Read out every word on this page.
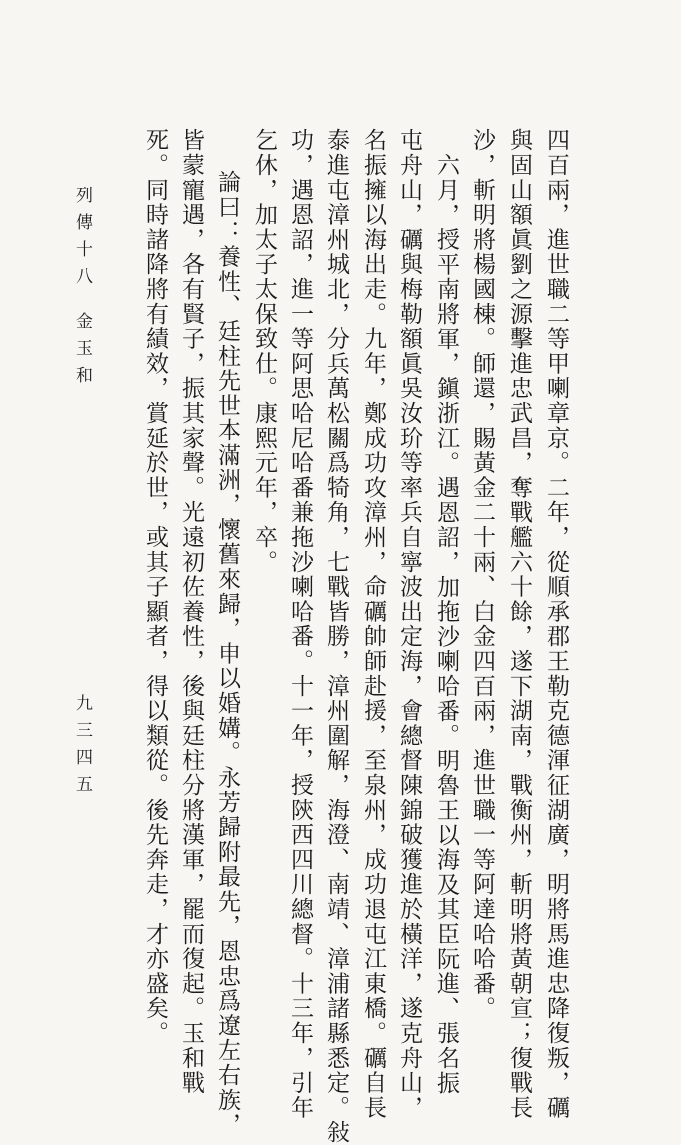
四百兩，進世職二等甲喇章京。二年，從順承郡王勒克德渾征湖廣，明將馬進忠降復叛，礪
與固山額眞劉之源擊進忠武昌，奪戰艦六十餘，遂下湖南，戰衡州，斬明將黃朝宣；復戰長
沙，斬明將楊國棟。師還，賜黃金二十兩、白金四百兩，進世職一等阿達哈哈番。
六月，授平南將軍，鎭浙江。遇恩詔，加拖沙喇哈番。明魯王以海及其臣阮進、張名振
屯舟山，礪與梅勒額眞吳汝玠等率兵自寧波出定海，會總督陳錦破獲進於橫洋，遂克舟山，
名振擁以海出走。九年，鄭成功攻漳州，命礪帥師赴援，至泉州，成功退屯江東橋。礪自長
泰進屯漳州城北，分兵萬松關爲犄角，七戰皆勝，漳州圍解，海澄、南靖、漳浦諸縣悉定。敍
功，遇恩詔，進一等阿思哈尼哈番兼拖沙喇哈番。十一年，授陝西四川總督。十三年，引年
乞休，加太子太保致仕。康熙元年，卒。
論曰：養性、廷柱先世本滿洲，懷舊來歸，申以婚媾。永芳歸附最先，恩忠爲遼左右族，
皆蒙寵遇，各有賢子，振其家聲。光遠初佐養性，後與廷柱分將漢軍，罷而復起。玉和戰
死。同時諸降將有績效，賞延於世，或其子顯者，得以類從。後先奔走，才亦盛矣。
列傳十八
金玉和
九三四五
